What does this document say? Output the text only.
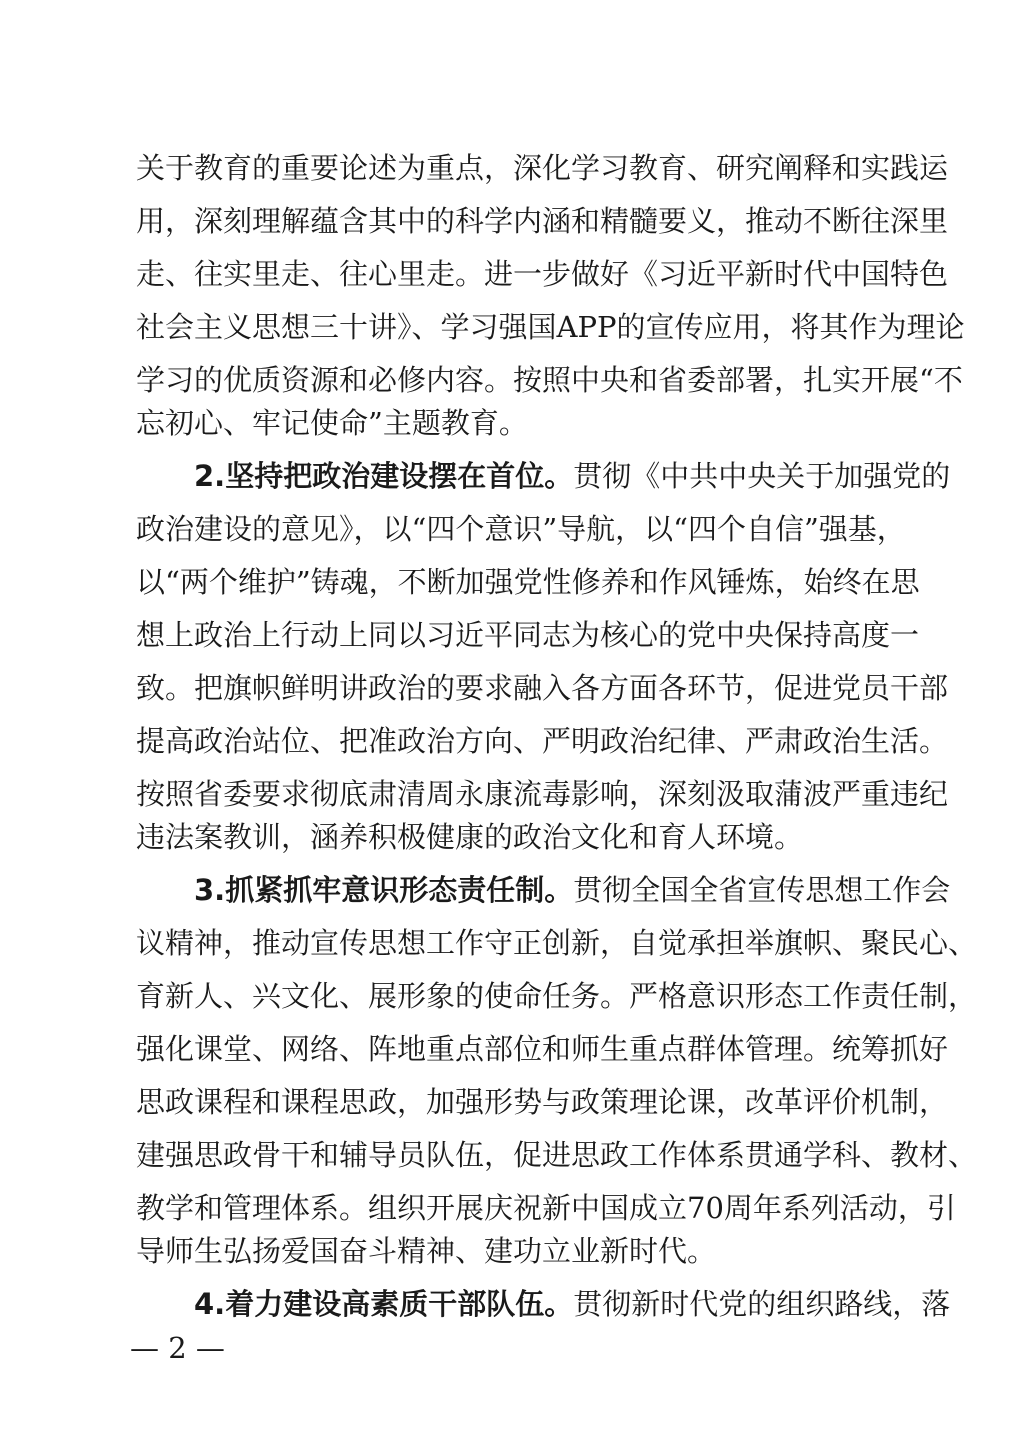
关于教育的重要论述为重点，深化学习教育、研究阐释和实践运
用，深刻理解蕴含其中的科学内涵和精髓要义，推动不断往深里
走、往实里走、往心里走。进一步做好《习近平新时代中国特色
社会主义思想三十讲》、学习强国APP的宣传应用，将其作为理论
学习的优质资源和必修内容。按照中央和省委部署，扎实开展“不
忘初心、牢记使命”主题教育。
2.坚持把政治建设摆在首位。贯彻《中共中央关于加强党的
政治建设的意见》，以“四个意识”导航，以“四个自信”强基，
以“两个维护”铸魂，不断加强党性修养和作风锤炼，始终在思
想上政治上行动上同以习近平同志为核心的党中央保持高度一
致。把旗帜鲜明讲政治的要求融入各方面各环节，促进党员干部
提高政治站位、把准政治方向、严明政治纪律、严肃政治生活。
按照省委要求彻底肃清周永康流毒影响，深刻汲取蒲波严重违纪
违法案教训，涵养积极健康的政治文化和育人环境。
3.抓紧抓牢意识形态责任制。贯彻全国全省宣传思想工作会
议精神，推动宣传思想工作守正创新，自觉承担举旗帜、聚民心、
育新人、兴文化、展形象的使命任务。严格意识形态工作责任制，
强化课堂、网络、阵地重点部位和师生重点群体管理。统筹抓好
思政课程和课程思政，加强形势与政策理论课，改革评价机制，
建强思政骨干和辅导员队伍，促进思政工作体系贯通学科、教材、
教学和管理体系。组织开展庆祝新中国成立70周年系列活动，引
导师生弘扬爱国奋斗精神、建功立业新时代。
4.着力建设高素质干部队伍。贯彻新时代党的组织路线，落
— 2 —
